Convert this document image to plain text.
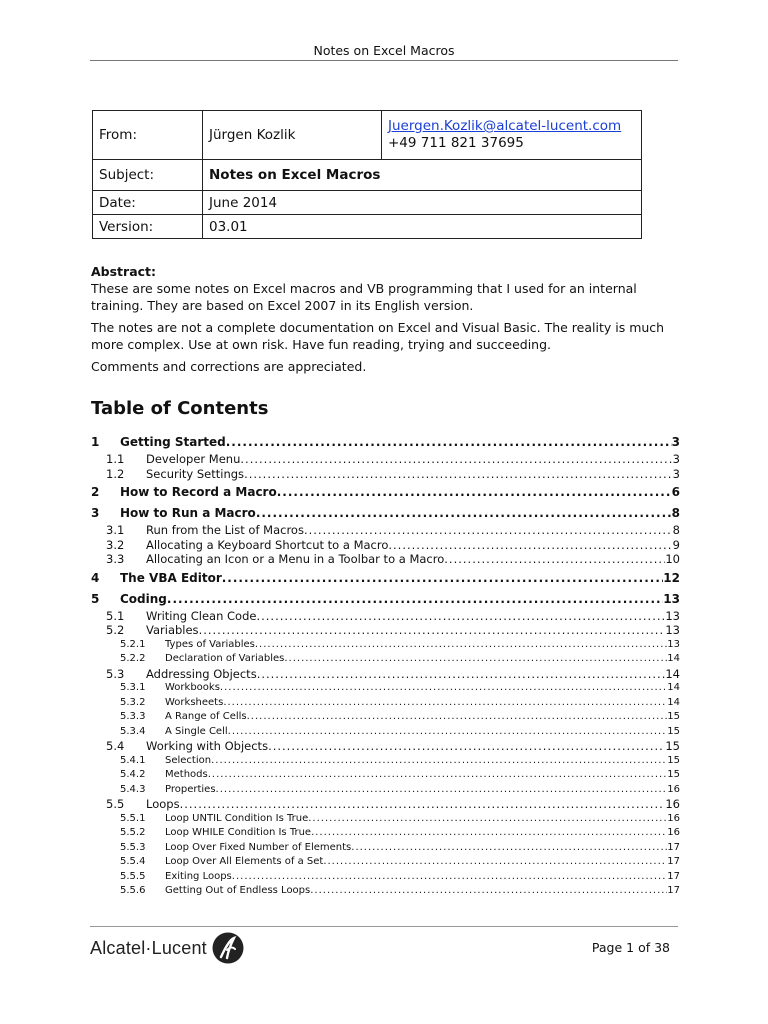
Notes on Excel Macros
From:	Jürgen Kozlik	Juergen.Kozlik@alcatel-lucent.com
+49 711 821 37695

Subject:	Notes on Excel Macros	
Date:	June 2014	
Version:	03.01	

Abstract:

These are some notes on Excel macros and VB programming that I used for an internal training. They are based on Excel 2007 in its English version.

The notes are not a complete documentation on Excel and Visual Basic. The reality is much more complex. Use at own risk. Have fun reading, trying and succeeding.

Comments and corrections are appreciated.

Table of Contents
1	Getting Started .....	3
1.1	Developer Menu .....	3
1.2	Security Settings .....	3
2	How to Record a Macro .....	6
3	How to Run a Macro .....	8
3.1	Run from the List of Macros .....	8
3.2	Allocating a Keyboard Shortcut to a Macro .....	9
3.3	Allocating an Icon or a Menu in a Toolbar to a Macro .....	10
4	The VBA Editor .....	12
5	Coding .....	13
5.1	Writing Clean Code .....	13
5.2	Variables .....	13
5.2.1	Types of Variables .....	13
5.2.2	Declaration of Variables .....	14
5.3	Addressing Objects .....	14
5.3.1	Workbooks .....	14
5.3.2	Worksheets .....	14
5.3.3	A Range of Cells .....	15
5.3.4	A Single Cell .....	15
5.4	Working with Objects .....	15
5.4.1	Selection .....	15
5.4.2	Methods .....	15
5.4.3	Properties .....	16
5.5	Loops .....	16
5.5.1	Loop UNTIL Condition Is True .....	16
5.5.2	Loop WHILE Condition Is True .....	16
5.5.3	Loop Over Fixed Number of Elements .....	17
5.5.4	Loop Over All Elements of a Set .....	17
5.5.5	Exiting Loops .....	17
5.5.6	Getting Out of Endless Loops .....	17
Alcatel·Lucent	Page 1 of 38
